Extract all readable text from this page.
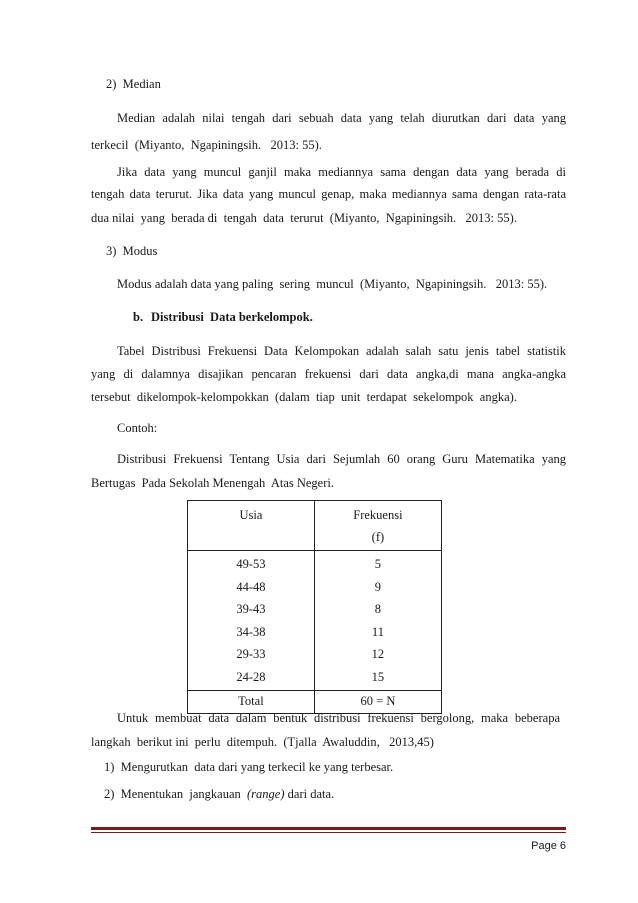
2)  Median
Median adalah nilai tengah dari sebuah data yang telah diurutkan dari data yang
terkecil  (Miyanto,  Ngapiningsih.   2013: 55).
Jika data yang muncul ganjil maka mediannya sama dengan data yang berada di
tengah data terurut. Jika data yang muncul genap, maka mediannya sama dengan rata-rata
dua nilai  yang  berada di  tengah  data  terurut  (Miyanto,  Ngapiningsih.   2013: 55).
3)  Modus
Modus adalah data yang paling  sering  muncul  (Miyanto,  Ngapiningsih.   2013: 55).
b. Distribusi  Data berkelompok.
Tabel Distribusi Frekuensi Data Kelompokan adalah salah satu jenis tabel statistik
yang di dalamnya disajikan pencaran frekuensi dari data angka,di mana angka-angka
tersebut  dikelompok-kelompokkan  (dalam  tiap  unit  terdapat  sekelompok  angka).
Contoh:
Distribusi Frekuensi Tentang Usia dari Sejumlah 60 orang Guru Matematika yang
Bertugas  Pada Sekolah Menengah  Atas Negeri.
Usia	Frekuensi
(f)

49-53	5
44-48	9
39-43	8
34-38	11
29-33	12
24-28	15
Total	60 = N
Untuk membuat data dalam bentuk distribusi frekuensi bergolong, maka beberapa
langkah  berikut ini  perlu  ditempuh.  (Tjalla  Awaluddin,   2013,45)
1)  Mengurutkan  data dari yang terkecil ke yang terbesar.
2)  Menentukan  jangkauan  (range) dari data.
Page 6
